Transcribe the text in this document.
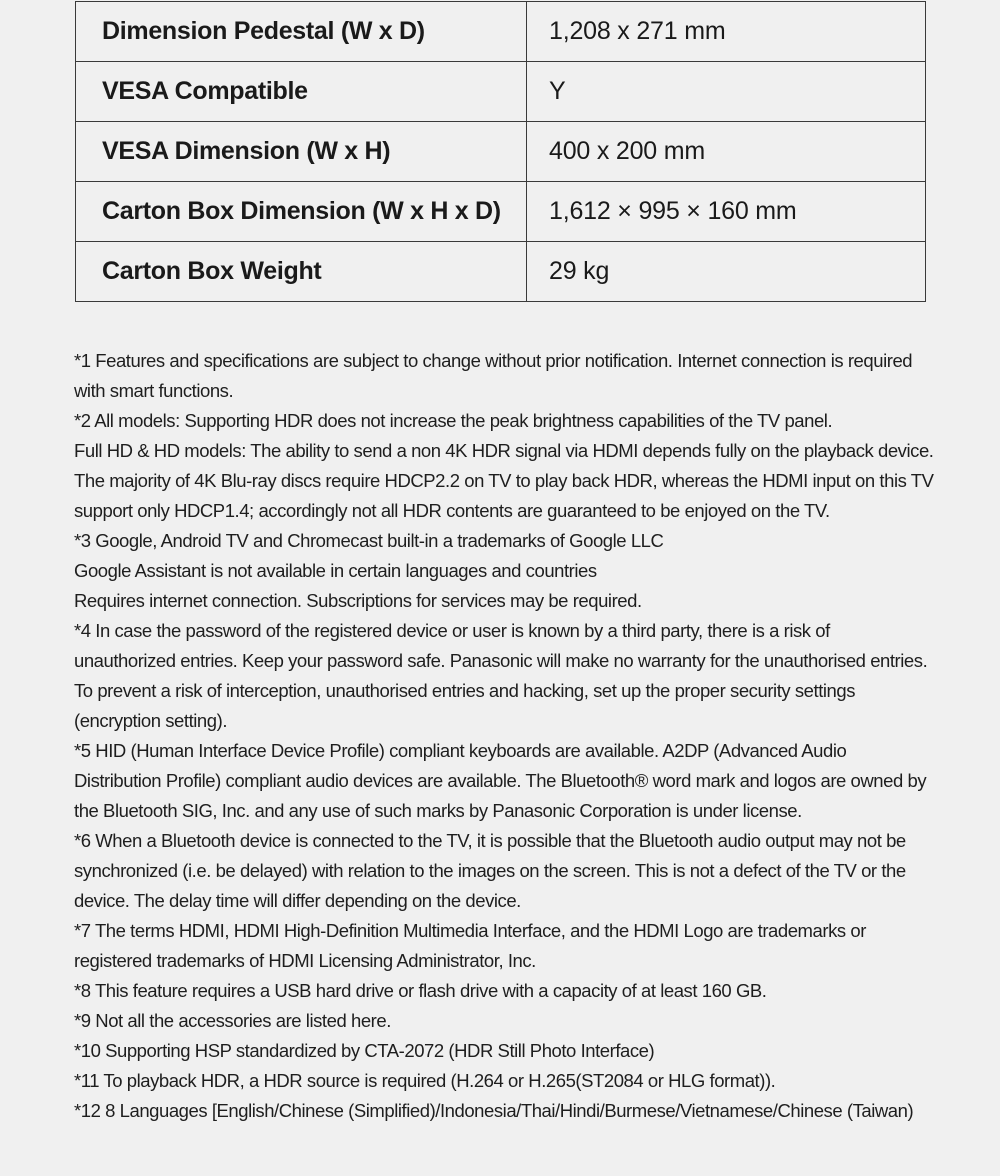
Dimension Pedestal (W x D)	1,208 x 271 mm
VESA Compatible	Y
VESA Dimension (W x H)	400 x 200 mm
Carton Box Dimension (W x H x D)	1,612 × 995 × 160 mm
Carton Box Weight	29 kg

*1 Features and specifications are subject to change without prior notification. Internet connection is required with smart functions.

*2 All models: Supporting HDR does not increase the peak brightness capabilities of the TV panel.

Full HD & HD models: The ability to send a non 4K HDR signal via HDMI depends fully on the playback device. The majority of 4K Blu-ray discs require HDCP2.2 on TV to play back HDR, whereas the HDMI input on this TV support only HDCP1.4; accordingly not all HDR contents are guaranteed to be enjoyed on the TV.

*3 Google, Android TV and Chromecast built-in a trademarks of Google LLC

Google Assistant is not available in certain languages and countries

Requires internet connection. Subscriptions for services may be required.

*4 In case the password of the registered device or user is known by a third party, there is a risk of unauthorized entries. Keep your password safe. Panasonic will make no warranty for the unauthorised entries. To prevent a risk of interception, unauthorised entries and hacking, set up the proper security settings (encryption setting).

*5 HID (Human Interface Device Profile) compliant keyboards are available. A2DP (Advanced Audio Distribution Profile) compliant audio devices are available. The Bluetooth® word mark and logos are owned by the Bluetooth SIG, Inc. and any use of such marks by Panasonic Corporation is under license.

*6 When a Bluetooth device is connected to the TV, it is possible that the Bluetooth audio output may not be synchronized (i.e. be delayed) with relation to the images on the screen. This is not a defect of the TV or the device. The delay time will differ depending on the device.

*7 The terms HDMI, HDMI High-Definition Multimedia Interface, and the HDMI Logo are trademarks or registered trademarks of HDMI Licensing Administrator, Inc.

*8 This feature requires a USB hard drive or flash drive with a capacity of at least 160 GB.

*9 Not all the accessories are listed here.

*10 Supporting HSP standardized by CTA-2072 (HDR Still Photo Interface)

*11 To playback HDR, a HDR source is required (H.264 or H.265(ST2084 or HLG format)).

*12 8 Languages [English/Chinese (Simplified)/Indonesia/Thai/Hindi/Burmese/Vietnamese/Chinese (Taiwan)
